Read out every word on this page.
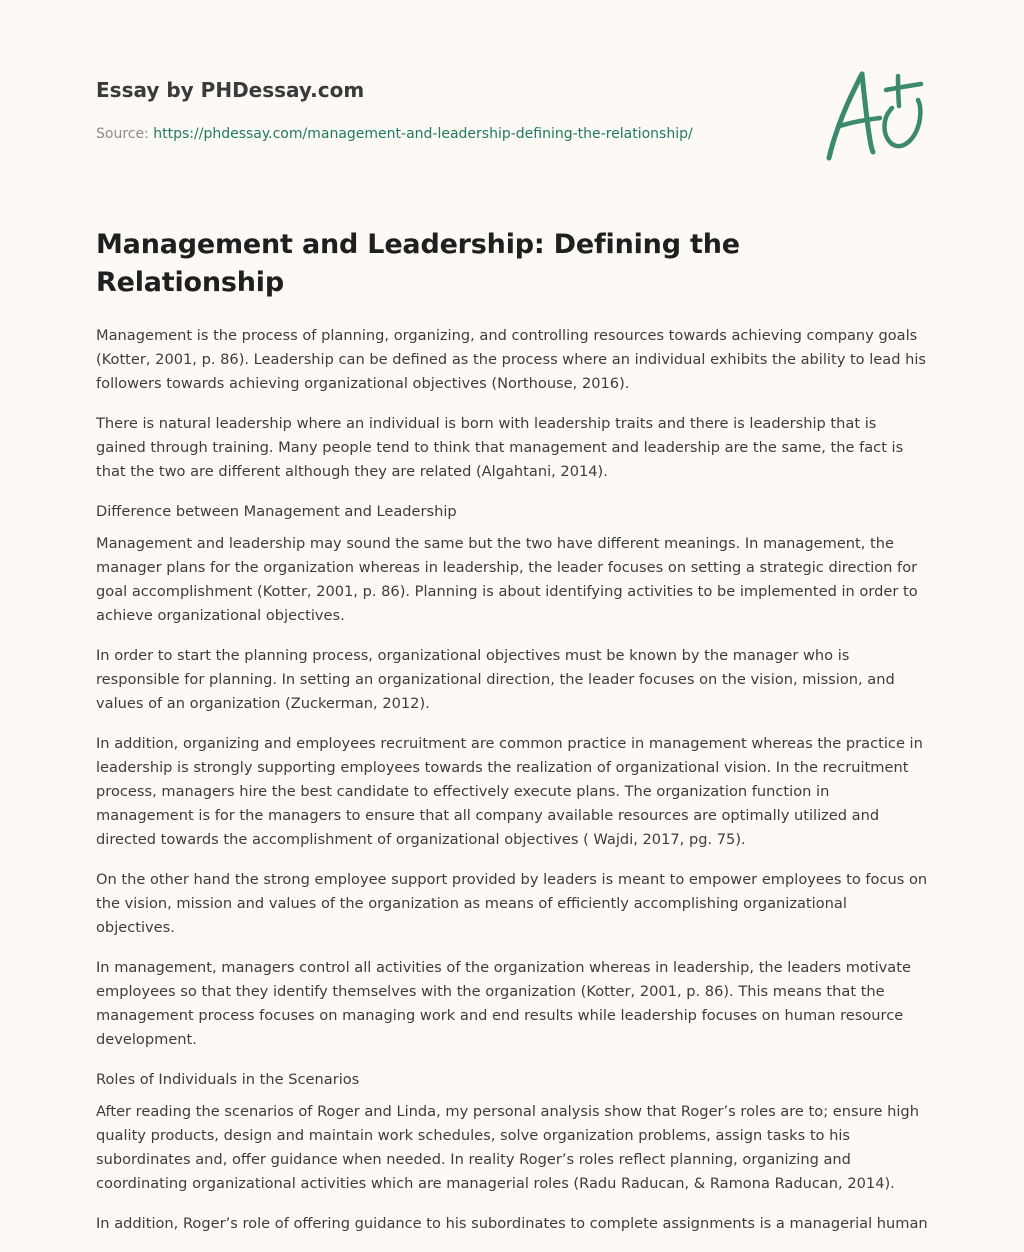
Essay by PHDessay.com
Source: https://phdessay.com/management-and-leadership-defining-the-relationship/
Management and Leadership: Defining the Relationship

Management is the process of planning, organizing, and controlling resources towards achieving company goals (Kotter, 2001, p. 86). Leadership can be defined as the process where an individual exhibits the ability to lead his followers towards achieving organizational objectives (Northouse, 2016).

There is natural leadership where an individual is born with leadership traits and there is leadership that is gained through training. Many people tend to think that management and leadership are the same, the fact is that the two are different although they are related (Algahtani, 2014).

Difference between Management and Leadership

Management and leadership may sound the same but the two have different meanings. In management, the manager plans for the organization whereas in leadership, the leader focuses on setting a strategic direction for goal accomplishment (Kotter, 2001, p. 86). Planning is about identifying activities to be implemented in order to achieve organizational objectives.

In order to start the planning process, organizational objectives must be known by the manager who is responsible for planning. In setting an organizational direction, the leader focuses on the vision, mission, and values of an organization (Zuckerman, 2012).

In addition, organizing and employees recruitment are common practice in management whereas the practice in leadership is strongly supporting employees towards the realization of organizational vision. In the recruitment process, managers hire the best candidate to effectively execute plans. The organization function in management is for the managers to ensure that all company available resources are optimally utilized and directed towards the accomplishment of organizational objectives ( Wajdi, 2017, pg. 75).

On the other hand the strong employee support provided by leaders is meant to empower employees to focus on the vision, mission and values of the organization as means of efficiently accomplishing organizational objectives.

In management, managers control all activities of the organization whereas in leadership, the leaders motivate employees so that they identify themselves with the organization (Kotter, 2001, p. 86). This means that the management process focuses on managing work and end results while leadership focuses on human resource development.

Roles of Individuals in the Scenarios

After reading the scenarios of Roger and Linda, my personal analysis show that Roger’s roles are to; ensure high quality products, design and maintain work schedules, solve organization problems, assign tasks to his subordinates and, offer guidance when needed. In reality Roger’s roles reflect planning, organizing and coordinating organizational activities which are managerial roles (Radu Raducan, & Ramona Raducan, 2014).

In addition, Roger’s role of offering guidance to his subordinates to complete assignments is a managerial human
